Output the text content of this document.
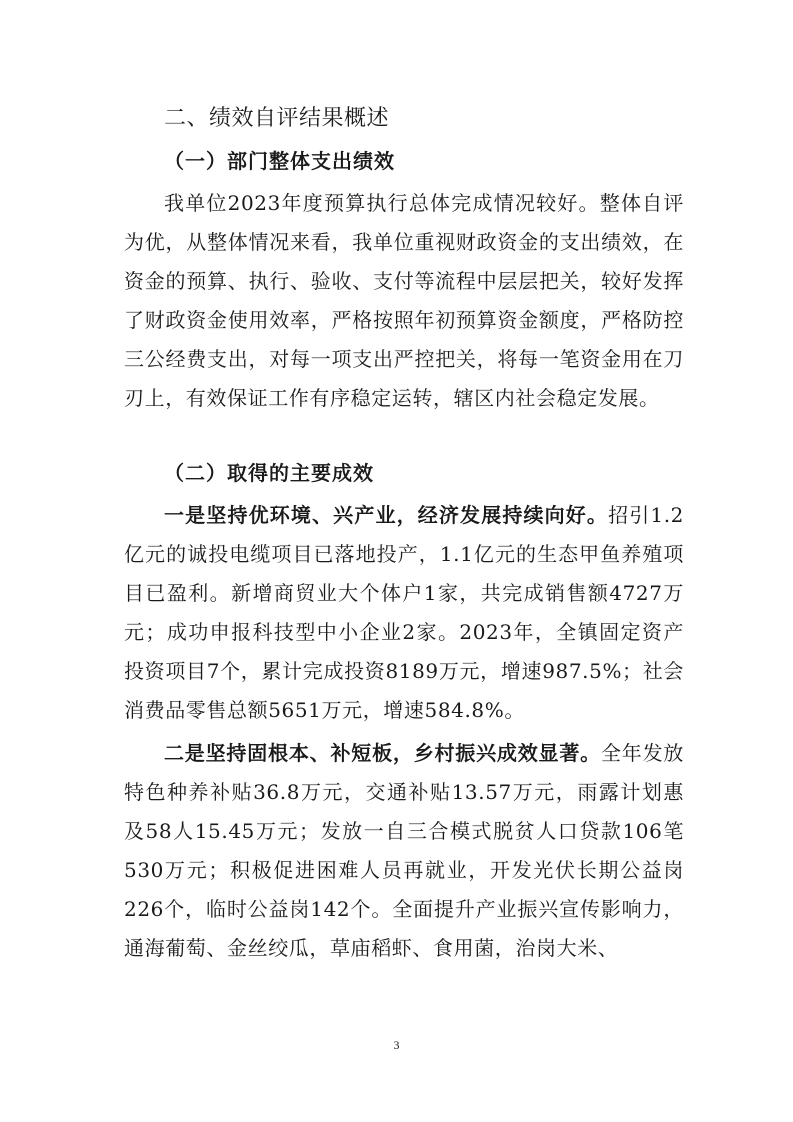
二、绩效自评结果概述
（一）部门整体支出绩效

我单位2023年度预算执行总体完成情况较好。整体自评为优，从整体情况来看，我单位重视财政资金的支出绩效，在资金的预算、执行、验收、支付等流程中层层把关，较好发挥了财政资金使用效率，严格按照年初预算资金额度，严格防控三公经费支出，对每一项支出严控把关，将每一笔资金用在刀刃上，有效保证工作有序稳定运转，辖区内社会稳定发展。

（二）取得的主要成效

一是坚持优环境、兴产业，经济发展持续向好。招引1.2亿元的诚投电缆项目已落地投产，1.1亿元的生态甲鱼养殖项目已盈利。新增商贸业大个体户1家，共完成销售额4727万元；成功申报科技型中小企业2家。2023年，全镇固定资产投资项目7个，累计完成投资8189万元，增速987.5%；社会消费品零售总额5651万元，增速584.8%。

二是坚持固根本、补短板，乡村振兴成效显著。全年发放特色种养补贴36.8万元，交通补贴13.57万元，雨露计划惠及58人15.45万元；发放一自三合模式脱贫人口贷款106笔530万元；积极促进困难人员再就业，开发光伏长期公益岗226个，临时公益岗142个。全面提升产业振兴宣传影响力，通海葡萄、金丝绞瓜，草庙稻虾、食用菌，治岗大米、

3
